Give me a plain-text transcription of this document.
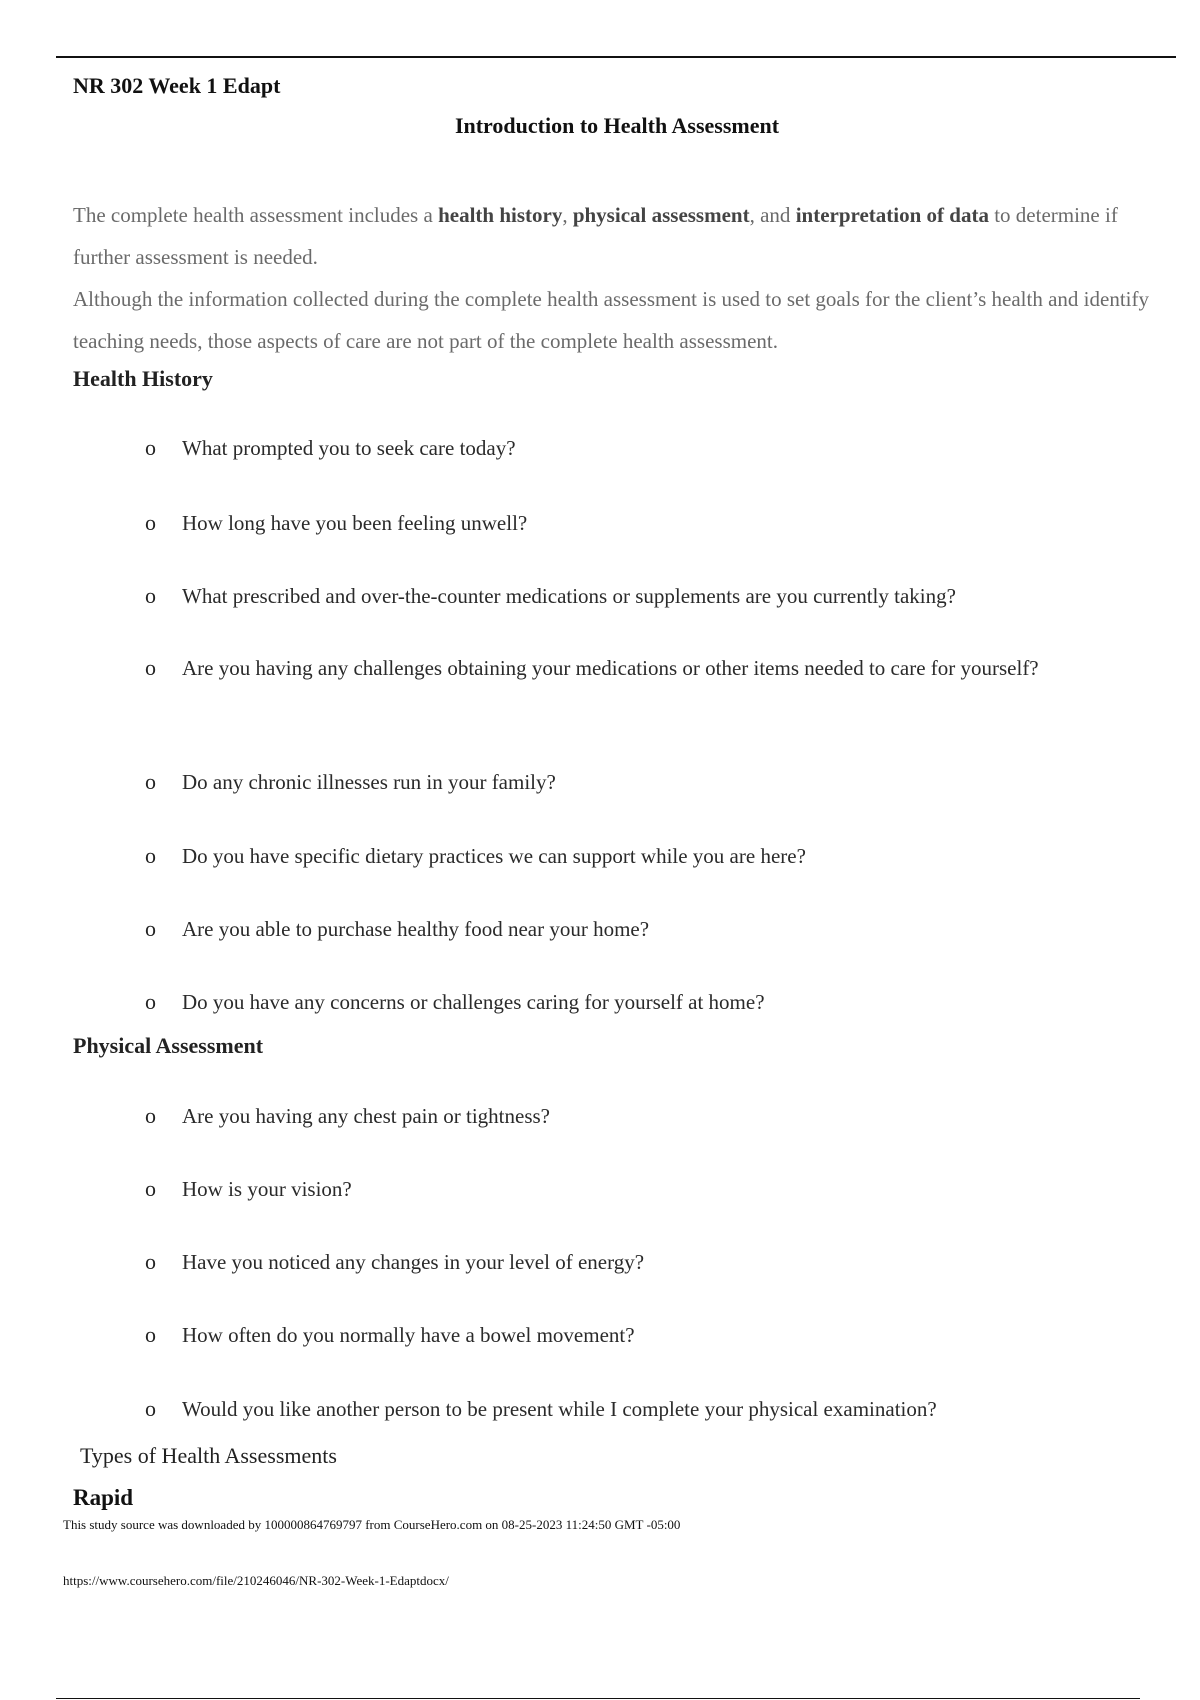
NR 302 Week 1 Edapt
Introduction to Health Assessment
The complete health assessment includes a health history, physical assessment, and interpretation of data to determine if further assessment is needed.
Although the information collected during the complete health assessment is used to set goals for the client’s health and identify teaching needs, those aspects of care are not part of the complete health assessment.
Health History
o What prompted you to seek care today?
o How long have you been feeling unwell?
o What prescribed and over-the-counter medications or supplements are you currently taking?
o Are you having any challenges obtaining your medications or other items needed to care for yourself?
o Do any chronic illnesses run in your family?
o Do you have specific dietary practices we can support while you are here?
o Are you able to purchase healthy food near your home?
o Do you have any concerns or challenges caring for yourself at home?
Physical Assessment
o Are you having any chest pain or tightness?
o How is your vision?
o Have you noticed any changes in your level of energy?
o How often do you normally have a bowel movement?
o Would you like another person to be present while I complete your physical examination?
Types of Health Assessments
Rapid
This study source was downloaded by 100000864769797 from CourseHero.com on 08-25-2023 11:24:50 GMT -05:00
https://www.coursehero.com/file/210246046/NR-302-Week-1-Edaptdocx/
